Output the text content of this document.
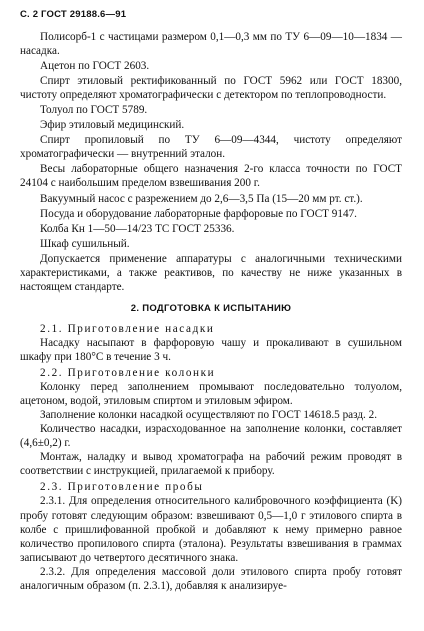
С. 2 ГОСТ 29188.6—91

Полисорб-1 с частицами размером 0,1—0,3 мм по ТУ 6—09—10—1834 — насадка.

Ацетон по ГОСТ 2603.

Спирт этиловый ректификованный по ГОСТ 5962 или ГОСТ 18300, чистоту определяют хроматографически с детектором по теплопроводности.

Толуол по ГОСТ 5789.

Эфир этиловый медицинский.

Спирт пропиловый по ТУ 6—09—4344, чистоту определяют хроматографически — внутренний эталон.

Весы лабораторные общего назначения 2-го класса точности по ГОСТ 24104 с наибольшим пределом взвешивания 200 г.

Вакуумный насос с разрежением до 2,6—3,5 Па (15—20 мм рт. ст.).

Посуда и оборудование лабораторные фарфоровые по ГОСТ 9147.

Колба Кн 1—50—14/23 ТС ГОСТ 25336.

Шкаф сушильный.

Допускается применение аппаратуры с аналогичными техническими характеристиками, а также реактивов, по качеству не ниже указанных в настоящем стандарте.

2. ПОДГОТОВКА К ИСПЫТАНИЮ

2.1. Приготовление насадки

Насадку насыпают в фарфоровую чашу и прокаливают в сушильном шкафу при 180°С в течение 3 ч.

2.2. Приготовление колонки

Колонку перед заполнением промывают последовательно толуолом, ацетоном, водой, этиловым спиртом и этиловым эфиром.

Заполнение колонки насадкой осуществляют по ГОСТ 14618.5 разд. 2.

Количество насадки, израсходованное на заполнение колонки, составляет (4,6±0,2) г.

Монтаж, наладку и вывод хроматографа на рабочий режим проводят в соответствии с инструкцией, прилагаемой к прибору.

2.3. Приготовление пробы

2.3.1. Для определения относительного калибровочного коэффициента (K) пробу готовят следующим образом: взвешивают 0,5—1,0 г этилового спирта в колбе с пришлифованной пробкой и добавляют к нему примерно равное количество пропилового спирта (эталона). Результаты взвешивания в граммах записывают до четвертого десятичного знака.

2.3.2. Для определения массовой доли этилового спирта пробу готовят аналогичным образом (п. 2.3.1), добавляя к анализируе-
